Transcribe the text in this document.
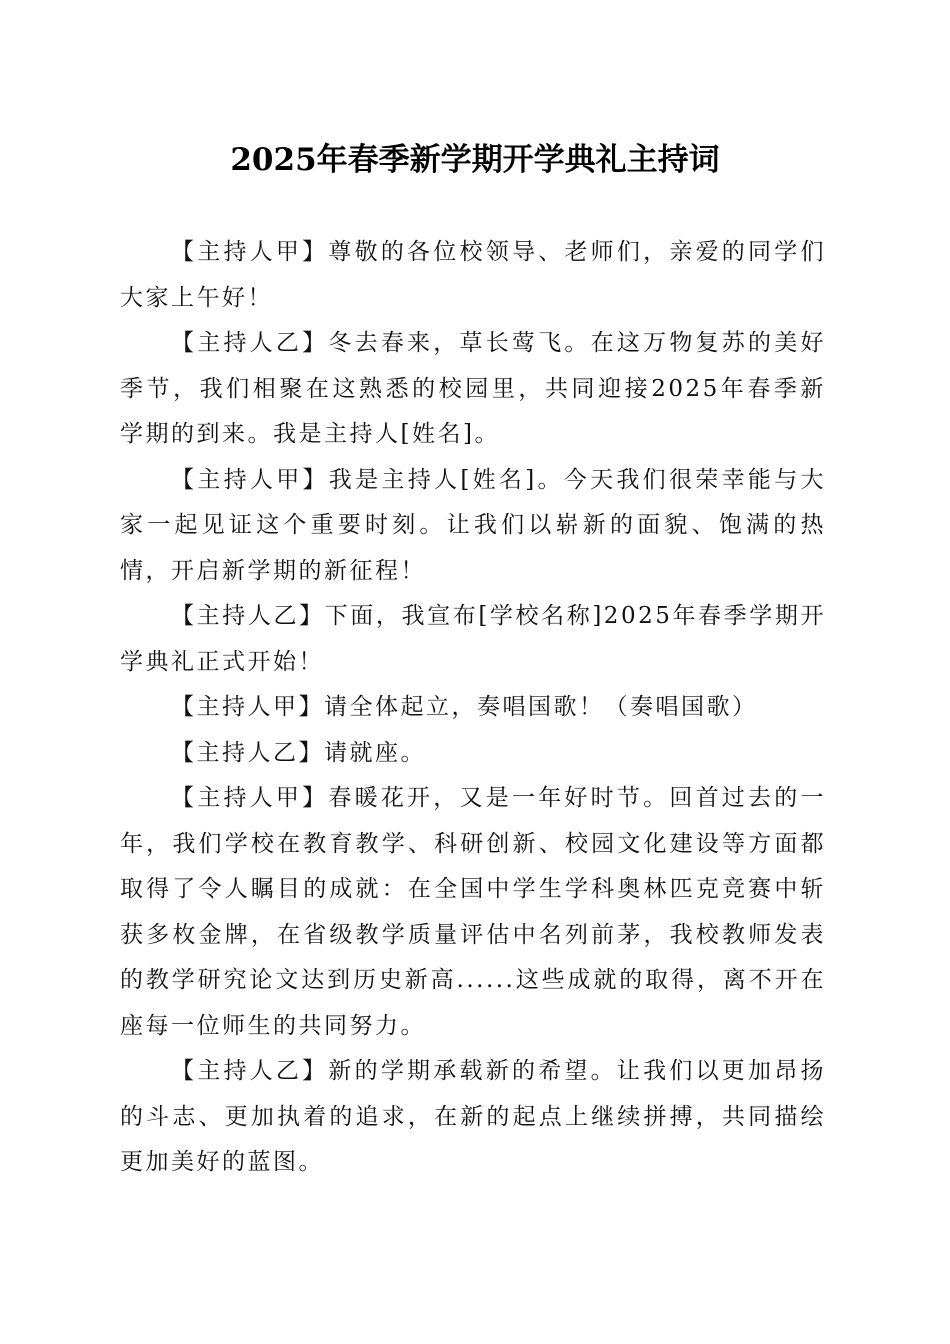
2025年春季新学期开学典礼主持词

【主持人甲】尊敬的各位校领导、老师们，亲爱的同学们大家上午好！

【主持人乙】冬去春来，草长莺飞。在这万物复苏的美好季节，我们相聚在这熟悉的校园里，共同迎接2025年春季新学期的到来。我是主持人[姓名]。

【主持人甲】我是主持人[姓名]。今天我们很荣幸能与大家一起见证这个重要时刻。让我们以崭新的面貌、饱满的热情，开启新学期的新征程！

【主持人乙】下面，我宣布[学校名称]2025年春季学期开学典礼正式开始！

【主持人甲】请全体起立，奏唱国歌！（奏唱国歌）

【主持人乙】请就座。

【主持人甲】春暖花开，又是一年好时节。回首过去的一年，我们学校在教育教学、科研创新、校园文化建设等方面都取得了令人瞩目的成就：在全国中学生学科奥林匹克竞赛中斩获多枚金牌，在省级教学质量评估中名列前茅，我校教师发表的教学研究论文达到历史新高......这些成就的取得，离不开在座每一位师生的共同努力。

【主持人乙】新的学期承载新的希望。让我们以更加昂扬的斗志、更加执着的追求，在新的起点上继续拼搏，共同描绘更加美好的蓝图。
